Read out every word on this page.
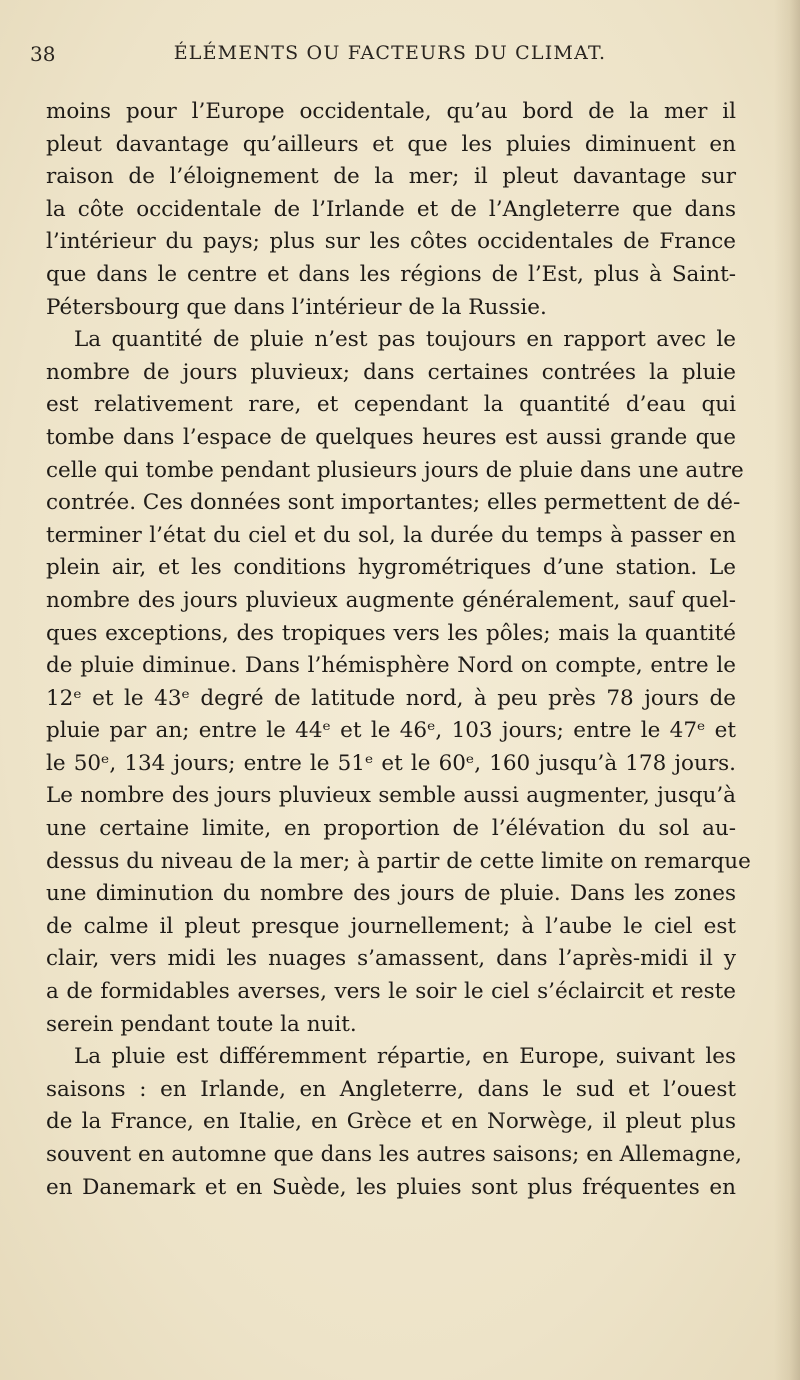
38	ÉLÉMENTS OU FACTEURS DU CLIMAT.
moins pour l’Europe occidentale, qu’au bord de la mer il
pleut davantage qu’ailleurs et que les pluies diminuent en
raison de l’éloignement de la mer; il pleut davantage sur
la côte occidentale de l’Irlande et de l’Angleterre que dans
l’intérieur du pays; plus sur les côtes occidentales de France
que dans le centre et dans les régions de l’Est, plus à Saint-
Pétersbourg que dans l’intérieur de la Russie.
La quantité de pluie n’est pas toujours en rapport avec le
nombre de jours pluvieux; dans certaines contrées la pluie
est relativement rare, et cependant la quantité d’eau qui
tombe dans l’espace de quelques heures est aussi grande que
celle qui tombe pendant plusieurs jours de pluie dans une autre
contrée. Ces données sont importantes; elles permettent de dé-
terminer l’état du ciel et du sol, la durée du temps à passer en
plein air, et les conditions hygrométriques d’une station. Le
nombre des jours pluvieux augmente généralement, sauf quel-
ques exceptions, des tropiques vers les pôles; mais la quantité
de pluie diminue. Dans l’hémisphère Nord on compte, entre le
12ᵉ et le 43ᵉ degré de latitude nord, à peu près 78 jours de
pluie par an; entre le 44ᵉ et le 46ᵉ, 103 jours; entre le 47ᵉ et
le 50ᵉ, 134 jours; entre le 51ᵉ et le 60ᵉ, 160 jusqu’à 178 jours.
Le nombre des jours pluvieux semble aussi augmenter, jusqu’à
une certaine limite, en proportion de l’élévation du sol au-
dessus du niveau de la mer; à partir de cette limite on remarque
une diminution du nombre des jours de pluie. Dans les zones
de calme il pleut presque journellement; à l’aube le ciel est
clair, vers midi les nuages s’amassent, dans l’après-midi il y
a de formidables averses, vers le soir le ciel s’éclaircit et reste
serein pendant toute la nuit.
La pluie est différemment répartie, en Europe, suivant les
saisons : en Irlande, en Angleterre, dans le sud et l’ouest
de la France, en Italie, en Grèce et en Norwège, il pleut plus
souvent en automne que dans les autres saisons; en Allemagne,
en Danemark et en Suède, les pluies sont plus fréquentes en
